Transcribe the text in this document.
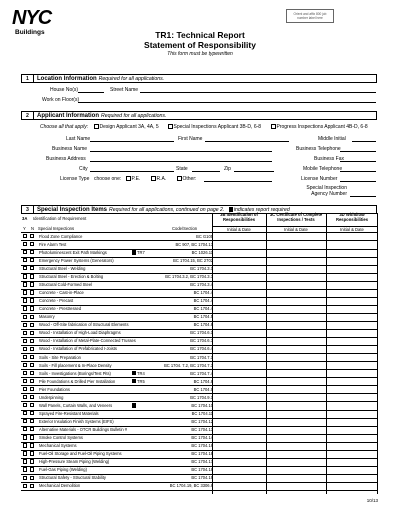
NYC
Buildings	TR1: Technical Report
Statement of Responsibility
This form must be typewritten
Orient and affix 800 job number label here
1 Location Information Required for all applications.
House No(s)	Street Name
Work on Floor(s)
2 Applicant Information Required for all applications.
Choose all that apply:	Design Applicant 3A, 4A, 5	Special Inspections Applicant 3B-D, 6-8	Progress Inspections Applicant 4B-D, 6-8
Last Name	First Name	Middle Initial
Business Name	Business Telephone
Business Address	Business Fax
City	State	Zip	Mobile Telephone
License Type choose one:	P.E.	R.A.	Other:	License Number
Special Inspection
Agency Number
3 Special Inspection Items Required for all applications, continued on page 2. indicates report required
3A Identification of Requirement
3B Identification of Responsibilities
3C Certificate of Complete Inspections / Tests
3D Withdraw Responsibilities
Y N Special Inspections	Code/Section	Initial & Date	Initial & Date	Initial & Date
Flood Zone Compliance	BC G105
Fire Alarm Test	BC 907, BC 1704.13
Photoluminescent Exit Path Markings	TR7	BC 1026.11
Emergency Power Systems (Generators)	BC 1704.15, BC 2702
Structural Steel - Welding	BC 1704.3.1
Structural Steel - Erection & Bolting	BC 1704.3.2, BC 1704.3.3
Structural Cold-Formed Steel	BC 1704.3.4
Concrete - Cast-in-Place	BC 1704.4
Concrete - Precast	BC 1704.4
Concrete - Prestressed	BC 1704.4
Masonry	BC 1704.5
Wood - Off-Site fabrication of Structural Elements	BC 1704.6
Wood - Installation of High-Load Diaphragms	BC 1704.6.1
Wood - Installation of Metal-Plate-Connected Trusses	BC 1704.6.3
Wood - Installation of Prefabricated I-Joists	BC 1704.6.4
Soils - Site Preparation	BC 1704.7.1
Soils - Fill placement & In-Place Density	BC 1704. 7.2, BC 1704.7.3
Soils - Investigations (Borings/Test Pits)	TR4	BC 1704.7.4
Pile Foundations & Drilled Pier Installation	TR5	BC 1704.8
Pier Foundations	BC 1704.9
Underpinning	BC 1704.9.1
Wall Panels, Curtain Walls, and Veneers	BC 1704.10
Sprayed Fire-Resistant Materials	BC 1704.11
Exterior Insulation Finish Systems (EIFS)	BC 1704.12
Alternative Materials - OTCR Buildings Bulletin #	BC 1704.13
Smoke Control Systems	BC 1704.14
Mechanical Systems	BC 1704.16
Fuel-Oil Storage and Fuel-Oil Piping Systems	BC 1704.18
High-Pressure Steam Piping (Welding)	BC 1704.17
Fuel-Gas Piping (Welding)	BC 1704.18
Structural Safety - Structural Stability	BC 1704.19
Mechanical Demolition	BC 1704.19, BC 3306.6
10/13
